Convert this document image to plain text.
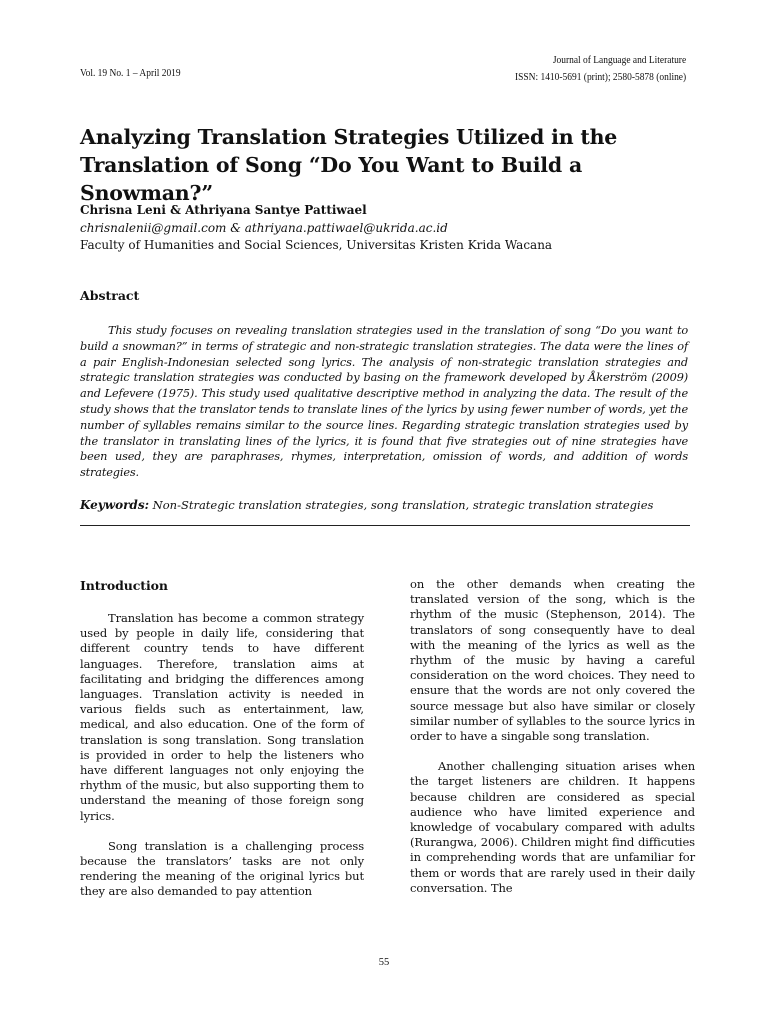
Vol. 19 No. 1 – April 2019
Journal of Language and Literature
ISSN: 1410-5691 (print); 2580-5878 (online)
Analyzing Translation Strategies Utilized in the
Translation of Song “Do You Want to Build a Snowman?”
Chrisna Leni & Athriyana Santye Pattiwael
chrisnalenii@gmail.com & athriyana.pattiwael@ukrida.ac.id
Faculty of Humanities and Social Sciences, Universitas Kristen Krida Wacana
Abstract

This study focuses on revealing translation strategies used in the translation of song “Do you want to build a snowman?” in terms of strategic and non-strategic translation strategies. The data were the lines of a pair English-Indonesian selected song lyrics. The analysis of non-strategic translation strategies and strategic translation strategies was conducted by basing on the framework developed by Åkerström (2009) and Lefevere (1975). This study used qualitative descriptive method in analyzing the data. The result of the study shows that the translator tends to translate lines of the lyrics by using fewer number of words, yet the number of syllables remains similar to the source lines. Regarding strategic translation strategies used by the translator in translating lines of the lyrics, it is found that five strategies out of nine strategies have been used, they are paraphrases, rhymes, interpretation, omission of words, and addition of words strategies.

Keywords: Non-Strategic translation strategies, song translation, strategic translation strategies
Introduction

Translation has become a common strategy used by people in daily life, considering that different country tends to have different languages. Therefore, translation aims at facilitating and bridging the differences among languages. Translation activity is needed in various fields such as entertainment, law, medical, and also education. One of the form of translation is song translation. Song translation is provided in order to help the listeners who have different languages not only enjoying the rhythm of the music, but also supporting them to understand the meaning of those foreign song lyrics.

Song translation is a challenging process because the translators’ tasks are not only rendering the meaning of the original lyrics but they are also demanded to pay attention

on the other demands when creating the translated version of the song, which is the rhythm of the music (Stephenson, 2014). The translators of song consequently have to deal with the meaning of the lyrics as well as the rhythm of the music by having a careful consideration on the word choices. They need to ensure that the words are not only covered the source message but also have similar or closely similar number of syllables to the source lyrics in order to have a singable song translation.

Another challenging situation arises when the target listeners are children. It happens because children are considered as special audience who have limited experience and knowledge of vocabulary compared with adults (Rurangwa, 2006). Children might find difficuties in comprehending words that are unfamiliar for them or words that are rarely used in their daily conversation. The

55
